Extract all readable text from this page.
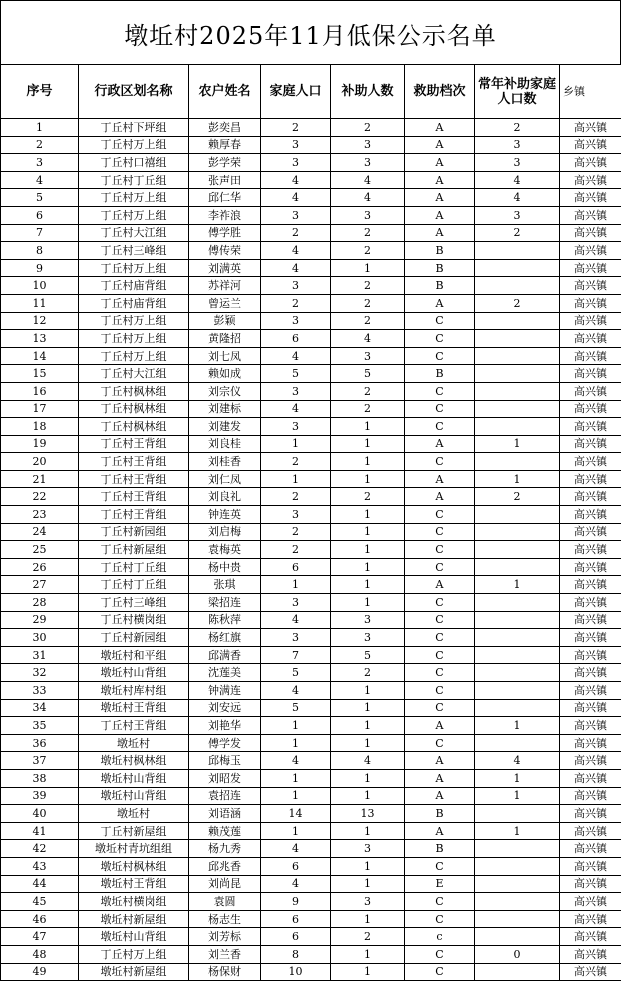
墩坵村2025年11月低保公示名单
序号	行政区划名称	农户姓名	家庭人口	补助人数	救助档次	常年补助家庭人口数	乡镇
1	丁丘村下坪组	彭奕昌	2	2	A	2	高兴镇
2	丁丘村万上组	赖厚春	3	3	A	3	高兴镇
3	丁丘村口禧组	彭学荣	3	3	A	3	高兴镇
4	丁丘村丁丘组	张声田	4	4	A	4	高兴镇
5	丁丘村万上组	邱仁华	4	4	A	4	高兴镇
6	丁丘村万上组	李祚浪	3	3	A	3	高兴镇
7	丁丘村大江组	傅学胜	2	2	A	2	高兴镇
8	丁丘村三峰组	傅传荣	4	2	B		高兴镇
9	丁丘村万上组	刘满英	4	1	B		高兴镇
10	丁丘村庙背组	苏祥河	3	2	B		高兴镇
11	丁丘村庙背组	曾运兰	2	2	A	2	高兴镇
12	丁丘村万上组	彭颖	3	2	C		高兴镇
13	丁丘村万上组	黄隆招	6	4	C		高兴镇
14	丁丘村万上组	刘七凤	4	3	C		高兴镇
15	丁丘村大江组	赖如成	5	5	B		高兴镇
16	丁丘村枫林组	刘宗仪	3	2	C		高兴镇
17	丁丘村枫林组	刘建标	4	2	C		高兴镇
18	丁丘村枫林组	刘建发	3	1	C		高兴镇
19	丁丘村王背组	刘良桂	1	1	A	1	高兴镇
20	丁丘村王背组	刘桂香	2	1	C		高兴镇
21	丁丘村王背组	刘仁凤	1	1	A	1	高兴镇
22	丁丘村王背组	刘良礼	2	2	A	2	高兴镇
23	丁丘村王背组	钟连英	3	1	C		高兴镇
24	丁丘村新园组	刘启梅	2	1	C		高兴镇
25	丁丘村新屋组	袁梅英	2	1	C		高兴镇
26	丁丘村丁丘组	杨中贵	6	1	C		高兴镇
27	丁丘村丁丘组	张琪	1	1	A	1	高兴镇
28	丁丘村三峰组	梁招连	3	1	C		高兴镇
29	丁丘村横岗组	陈秋萍	4	3	C		高兴镇
30	丁丘村新园组	杨红旗	3	3	C		高兴镇
31	墩坵村和平组	邱满香	7	5	C		高兴镇
32	墩坵村山背组	沈莲美	5	2	C		高兴镇
33	墩坵村库村组	钟满连	4	1	C		高兴镇
34	墩坵村王背组	刘安远	5	1	C		高兴镇
35	丁丘村王背组	刘艳华	1	1	A	1	高兴镇
36	墩坵村	傅学发	1	1	C		高兴镇
37	墩坵村枫林组	邱梅玉	4	4	A	4	高兴镇
38	墩坵村山背组	刘昭发	1	1	A	1	高兴镇
39	墩坵村山背组	袁招连	1	1	A	1	高兴镇
40	墩坵村	刘语涵	14	13	B		高兴镇
41	丁丘村新屋组	赖茂莲	1	1	A	1	高兴镇
42	墩坵村青坑组组	杨九秀	4	3	B		高兴镇
43	墩坵村枫林组	邱兆香	6	1	C		高兴镇
44	墩坵村王背组	刘尚昆	4	1	E		高兴镇
45	墩坵村横岗组	袁圆	9	3	C		高兴镇
46	墩坵村新屋组	杨志生	6	1	C		高兴镇
47	墩坵村山背组	刘芳标	6	2	c		高兴镇
48	丁丘村万上组	刘兰香	8	1	C	0	高兴镇
49	墩坵村新屋组	杨保财	10	1	C		高兴镇
